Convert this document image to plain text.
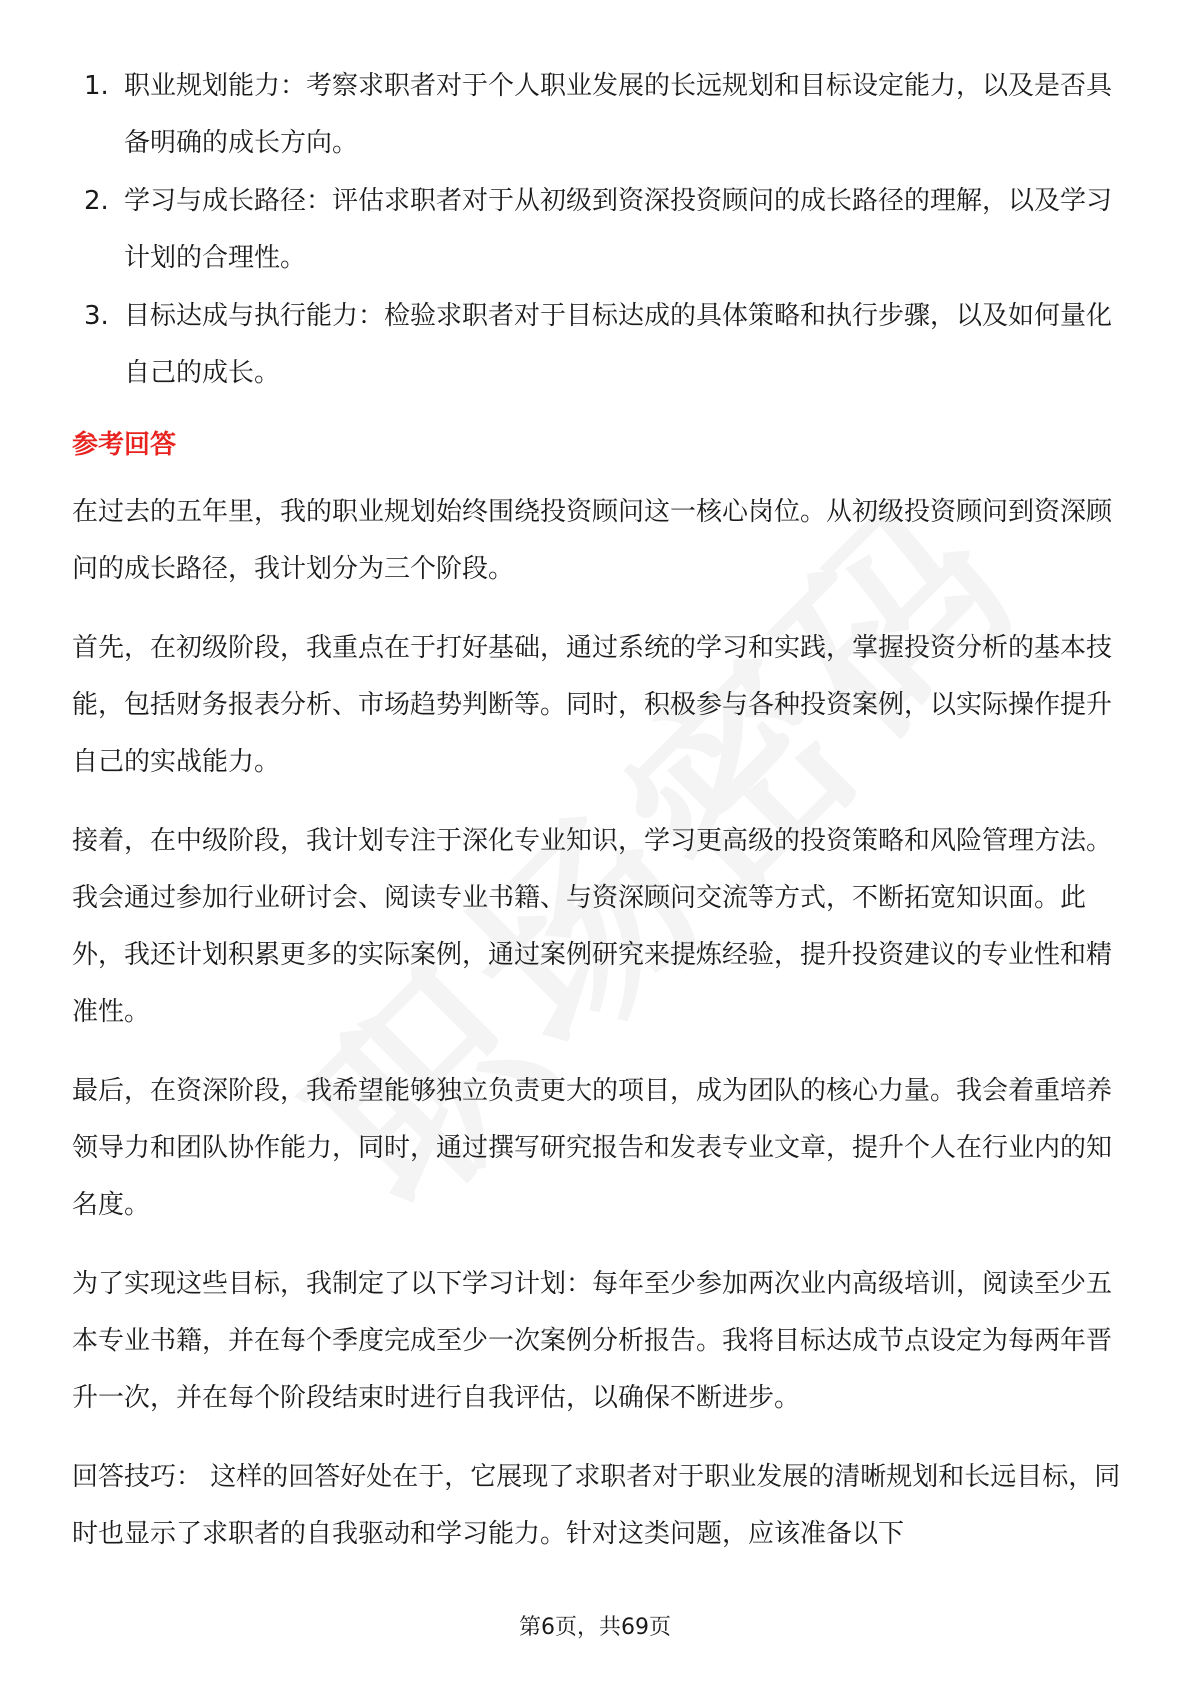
1. 职业规划能力：考察求职者对于个人职业发展的长远规划和目标设定能力，以及是否具备明确的成长方向。
2. 学习与成长路径：评估求职者对于从初级到资深投资顾问的成长路径的理解，以及学习计划的合理性。
3. 目标达成与执行能力：检验求职者对于目标达成的具体策略和执行步骤，以及如何量化自己的成长。
参考回答

在过去的五年里，我的职业规划始终围绕投资顾问这一核心岗位。从初级投资顾问到资深顾问的成长路径，我计划分为三个阶段。

首先，在初级阶段，我重点在于打好基础，通过系统的学习和实践，掌握投资分析的基本技能，包括财务报表分析、市场趋势判断等。同时，积极参与各种投资案例，以实际操作提升自己的实战能力。

接着，在中级阶段，我计划专注于深化专业知识，学习更高级的投资策略和风险管理方法。我会通过参加行业研讨会、阅读专业书籍、与资深顾问交流等方式，不断拓宽知识面。此外，我还计划积累更多的实际案例，通过案例研究来提炼经验，提升投资建议的专业性和精准性。

最后，在资深阶段，我希望能够独立负责更大的项目，成为团队的核心力量。我会着重培养领导力和团队协作能力，同时，通过撰写研究报告和发表专业文章，提升个人在行业内的知名度。

为了实现这些目标，我制定了以下学习计划：每年至少参加两次业内高级培训，阅读至少五本专业书籍，并在每个季度完成至少一次案例分析报告。我将目标达成节点设定为每两年晋升一次，并在每个阶段结束时进行自我评估，以确保不断进步。

回答技巧： 这样的回答好处在于，它展现了求职者对于职业发展的清晰规划和长远目标，同时也显示了求职者的自我驱动和学习能力。针对这类问题，应该准备以下

第6页，共69页
